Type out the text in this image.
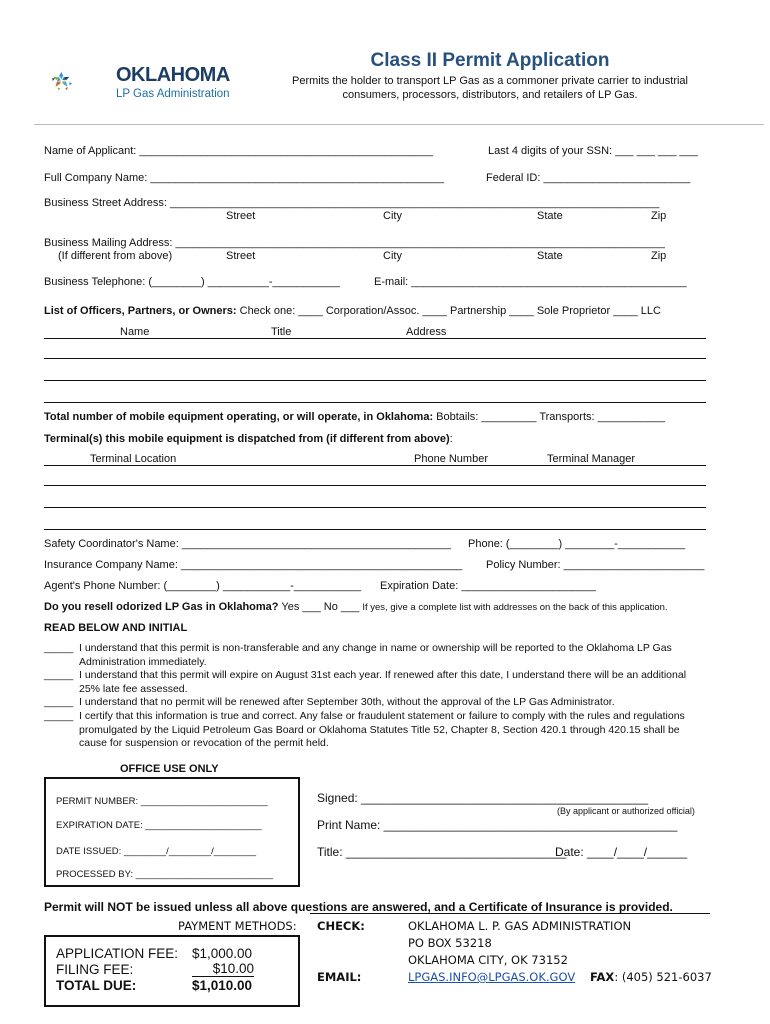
OKLAHOMA
LP Gas Administration
Class II Permit Application
Permits the holder to transport LP Gas as a commoner private carrier to industrial consumers, processors, distributors, and retailers of LP Gas.
Name of Applicant: ________________________________________________	Last 4 digits of your SSN: ___ ___ ___ ___
Full Company Name: ________________________________________________	Federal ID: ________________________
Business Street Address: ________________________________________________________________________________
Street	City	State	Zip
Business Mailing Address: ________________________________________________________________________________
(If different from above)	Street	City	State	Zip
Business Telephone: (________) __________-___________	E-mail: _____________________________________________
List of Officers, Partners, or Owners: Check one: ____ Corporation/Assoc. ____ Partnership ____ Sole Proprietor ____ LLC
Name	Title	Address
Total number of mobile equipment operating, or will operate, in Oklahoma: Bobtails: _________ Transports: ___________
Terminal(s) this mobile equipment is dispatched from (if different from above):
Terminal Location	Phone Number	Terminal Manager
Safety Coordinator's Name: ____________________________________________ Phone: (________) ________-___________
Insurance Company Name: ______________________________________________ Policy Number: _______________________
Agent's Phone Number: (________) ___________-___________ Expiration Date: ______________________
Do you resell odorized LP Gas in Oklahoma? Yes ___ No ___ If yes, give a complete list with addresses on the back of this application.
READ BELOW AND INITIAL
_____ I understand that this permit is non-transferable and any change in name or ownership will be reported to the Oklahoma LP Gas Administration immediately.
_____ I understand that this permit will expire on August 31st each year. If renewed after this date, I understand there will be an additional 25% late fee assessed.
_____ I understand that no permit will be renewed after September 30th, without the approval of the LP Gas Administrator.
_____ I certify that this information is true and correct. Any false or fraudulent statement or failure to comply with the rules and regulations promulgated by the Liquid Petroleum Gas Board or Oklahoma Statutes Title 52, Chapter 8, Section 420.1 through 420.15 shall be cause for suspension or revocation of the permit held.
OFFICE USE ONLY
PERMIT NUMBER: ________________________
EXPIRATION DATE: ______________________
DATE ISSUED: ________/________/________
PROCESSED BY: __________________________
Signed: ___________________________________________
(By applicant or authorized official)
Print Name: ____________________________________________
Title: _________________________________
Date: ____/____/______
Permit will NOT be issued unless all above questions are answered, and a Certificate of Insurance is provided.
PAYMENT METHODS: CHECK:	OKLAHOMA L. P. GAS ADMINISTRATION
PO BOX 53218
OKLAHOMA CITY, OK 73152
EMAIL:	LPGAS.INFO@LPGAS.OK.GOV FAX: (405) 521-6037
APPLICATION FEE: $1,000.00
FILING FEE:	$10.00
TOTAL DUE:	$1,010.00
